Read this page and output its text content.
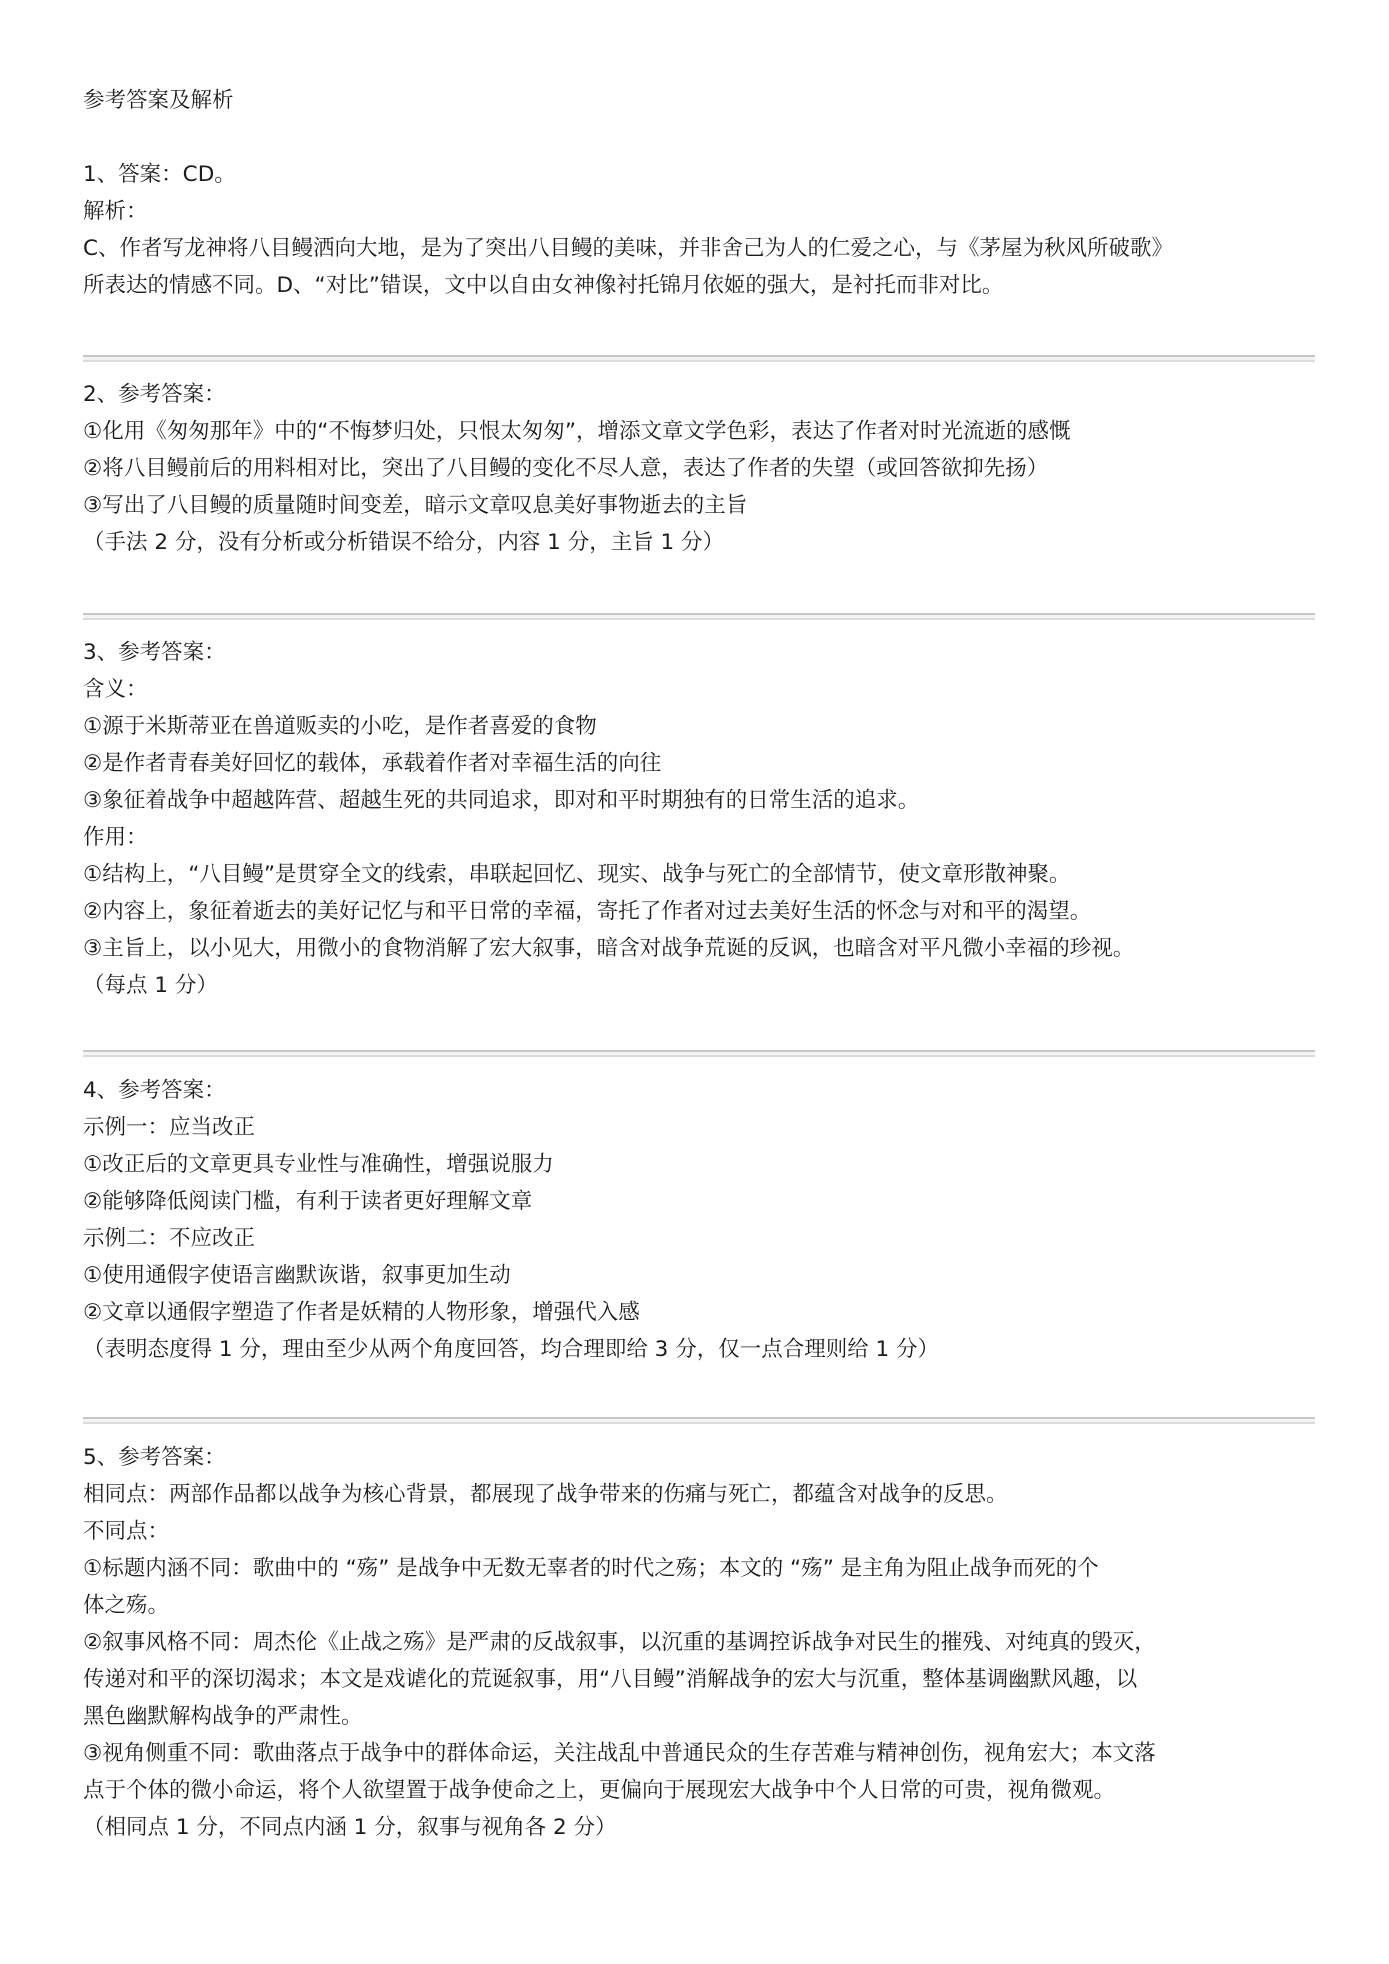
参考答案及解析
1、答案：CD。
解析：
C、作者写龙神将八目鳗洒向大地，是为了突出八目鳗的美味，并非舍己为人的仁爱之心，与《茅屋为秋风所破歌》
所表达的情感不同。D、“对比”错误，文中以自由女神像衬托锦月依姬的强大，是衬托而非对比。
2、参考答案：
①化用《匆匆那年》中的“不悔梦归处，只恨太匆匆”，增添文章文学色彩，表达了作者对时光流逝的感慨
②将八目鳗前后的用料相对比，突出了八目鳗的变化不尽人意，表达了作者的失望（或回答欲抑先扬）
③写出了八目鳗的质量随时间变差，暗示文章叹息美好事物逝去的主旨
（手法 2 分，没有分析或分析错误不给分，内容 1 分，主旨 1 分）
3、参考答案：
含义：
①源于米斯蒂亚在兽道贩卖的小吃，是作者喜爱的食物
②是作者青春美好回忆的载体，承载着作者对幸福生活的向往
③象征着战争中超越阵营、超越生死的共同追求，即对和平时期独有的日常生活的追求。
作用：
①结构上，“八目鳗”是贯穿全文的线索，串联起回忆、现实、战争与死亡的全部情节，使文章形散神聚。
②内容上，象征着逝去的美好记忆与和平日常的幸福，寄托了作者对过去美好生活的怀念与对和平的渴望。
③主旨上，以小见大，用微小的食物消解了宏大叙事，暗含对战争荒诞的反讽，也暗含对平凡微小幸福的珍视。
（每点 1 分）
4、参考答案：
示例一：应当改正
①改正后的文章更具专业性与准确性，增强说服力
②能够降低阅读门槛，有利于读者更好理解文章
示例二：不应改正
①使用通假字使语言幽默诙谐，叙事更加生动
②文章以通假字塑造了作者是妖精的人物形象，增强代入感
（表明态度得 1 分，理由至少从两个角度回答，均合理即给 3 分，仅一点合理则给 1 分）
5、参考答案：
相同点：两部作品都以战争为核心背景，都展现了战争带来的伤痛与死亡，都蕴含对战争的反思。
不同点：
①标题内涵不同：歌曲中的 “殇” 是战争中无数无辜者的时代之殇；本文的 “殇” 是主角为阻止战争而死的个
体之殇。
②叙事风格不同：周杰伦《止战之殇》是严肃的反战叙事，以沉重的基调控诉战争对民生的摧残、对纯真的毁灭，
传递对和平的深切渴求；本文是戏谑化的荒诞叙事，用“八目鳗”消解战争的宏大与沉重，整体基调幽默风趣，以
黑色幽默解构战争的严肃性。
③视角侧重不同：歌曲落点于战争中的群体命运，关注战乱中普通民众的生存苦难与精神创伤，视角宏大；本文落
点于个体的微小命运，将个人欲望置于战争使命之上，更偏向于展现宏大战争中个人日常的可贵，视角微观。
（相同点 1 分，不同点内涵 1 分，叙事与视角各 2 分）
